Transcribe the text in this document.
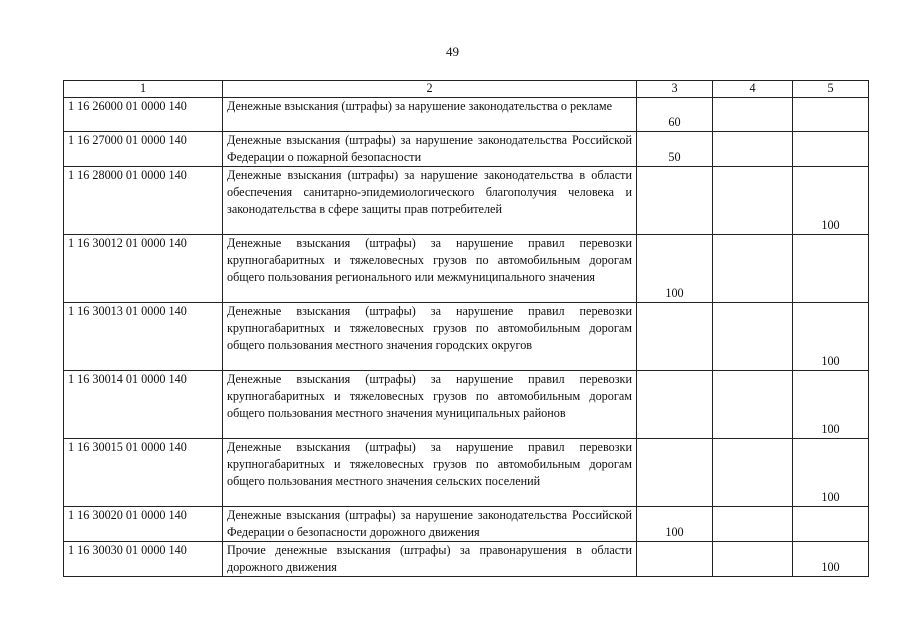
49
1	2	3	4	5
1 16 26000 01 0000 140	Денежные взыскания (штрафы) за нарушение законодательства о рекламе	60		
1 16 27000 01 0000 140	Денежные взыскания (штрафы) за нарушение законодательства Российской Федерации о пожарной безопасности	50		
1 16 28000 01 0000 140	Денежные взыскания (штрафы) за нарушение законодательства в области обеспечения санитарно-эпидемиологического благополучия человека и законодательства в сфере защиты прав потребителей			100
1 16 30012 01 0000 140	Денежные взыскания (штрафы) за нарушение правил перевозки крупногабаритных и тяжеловесных грузов по автомобильным дорогам общего пользования регионального или межмуниципального значения	100		
1 16 30013 01 0000 140	Денежные взыскания (штрафы) за нарушение правил перевозки крупногабаритных и тяжеловесных грузов по автомобильным дорогам общего пользования местного значения городских округов			100
1 16 30014 01 0000 140	Денежные взыскания (штрафы) за нарушение правил перевозки крупногабаритных и тяжеловесных грузов по автомобильным дорогам общего пользования местного значения муниципальных районов			100
1 16 30015 01 0000 140	Денежные взыскания (штрафы) за нарушение правил перевозки крупногабаритных и тяжеловесных грузов по автомобильным дорогам общего пользования местного значения сельских поселений			100
1 16 30020 01 0000 140	Денежные взыскания (штрафы) за нарушение законодательства Российской Федерации о безопасности дорожного движения	100		
1 16 30030 01 0000 140	Прочие денежные взыскания (штрафы) за правонарушения в области дорожного движения			100
